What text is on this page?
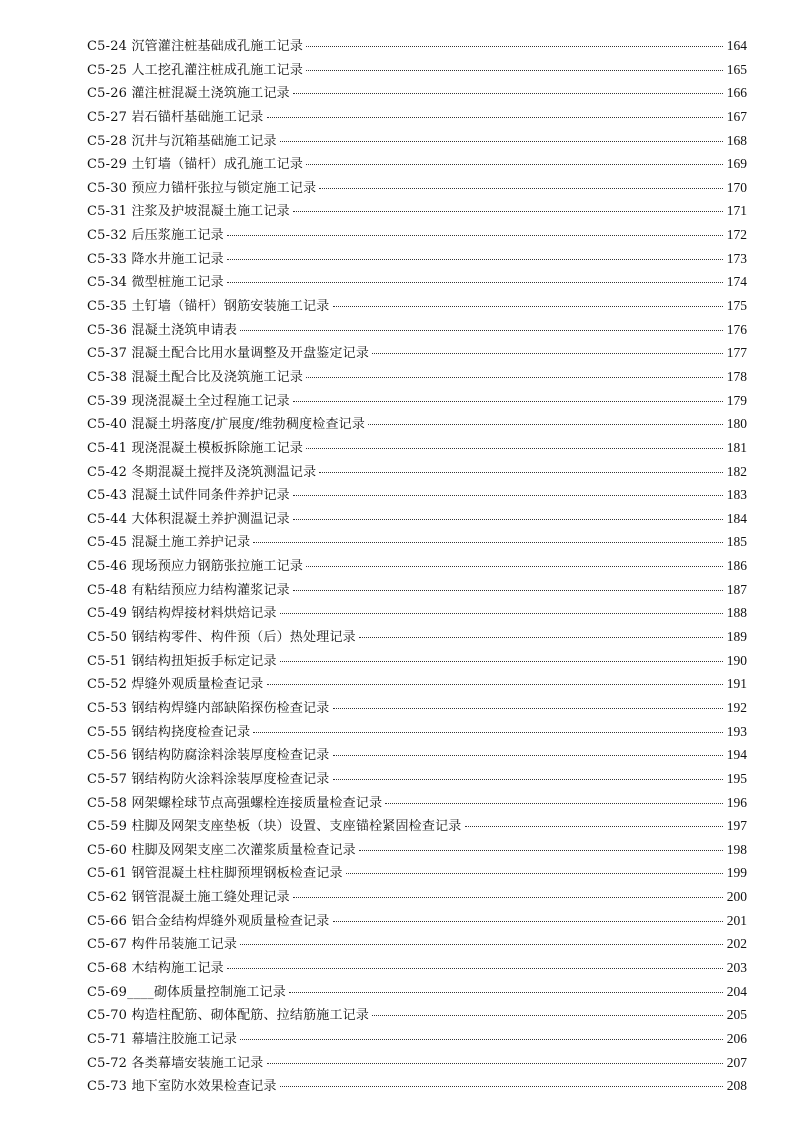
C5-24 沉管灌注桩基础成孔施工记录	164
C5-25 人工挖孔灌注桩成孔施工记录	165
C5-26 灌注桩混凝土浇筑施工记录	166
C5-27 岩石锚杆基础施工记录	167
C5-28 沉井与沉箱基础施工记录	168
C5-29 土钉墙（锚杆）成孔施工记录	169
C5-30 预应力锚杆张拉与锁定施工记录	170
C5-31 注浆及护坡混凝土施工记录	171
C5-32 后压浆施工记录	172
C5-33 降水井施工记录	173
C5-34 微型桩施工记录	174
C5-35 土钉墙（锚杆）钢筋安装施工记录	175
C5-36 混凝土浇筑申请表	176
C5-37 混凝土配合比用水量调整及开盘鉴定记录	177
C5-38 混凝土配合比及浇筑施工记录	178
C5-39 现浇混凝土全过程施工记录	179
C5-40 混凝土坍落度/扩展度/维勃稠度检查记录	180
C5-41 现浇混凝土模板拆除施工记录	181
C5-42 冬期混凝土搅拌及浇筑测温记录	182
C5-43 混凝土试件同条件养护记录	183
C5-44 大体积混凝土养护测温记录	184
C5-45 混凝土施工养护记录	185
C5-46 现场预应力钢筋张拉施工记录	186
C5-48 有粘结预应力结构灌浆记录	187
C5-49 钢结构焊接材料烘焙记录	188
C5-50 钢结构零件、构件预（后）热处理记录	189
C5-51 钢结构扭矩扳手标定记录	190
C5-52 焊缝外观质量检查记录	191
C5-53 钢结构焊缝内部缺陷探伤检查记录	192
C5-55 钢结构挠度检查记录	193
C5-56 钢结构防腐涂料涂装厚度检查记录	194
C5-57 钢结构防火涂料涂装厚度检查记录	195
C5-58 网架螺栓球节点高强螺栓连接质量检查记录	196
C5-59 柱脚及网架支座垫板（块）设置、支座锚栓紧固检查记录	197
C5-60 柱脚及网架支座二次灌浆质量检查记录	198
C5-61 钢管混凝土柱柱脚预埋钢板检查记录	199
C5-62 钢管混凝土施工缝处理记录	200
C5-66 铝合金结构焊缝外观质量检查记录	201
C5-67 构件吊装施工记录	202
C5-68 木结构施工记录	203
C5-69____砌体质量控制施工记录	204
C5-70 构造柱配筋、砌体配筋、拉结筋施工记录	205
C5-71 幕墙注胶施工记录	206
C5-72 各类幕墙安装施工记录	207
C5-73 地下室防水效果检查记录	208
